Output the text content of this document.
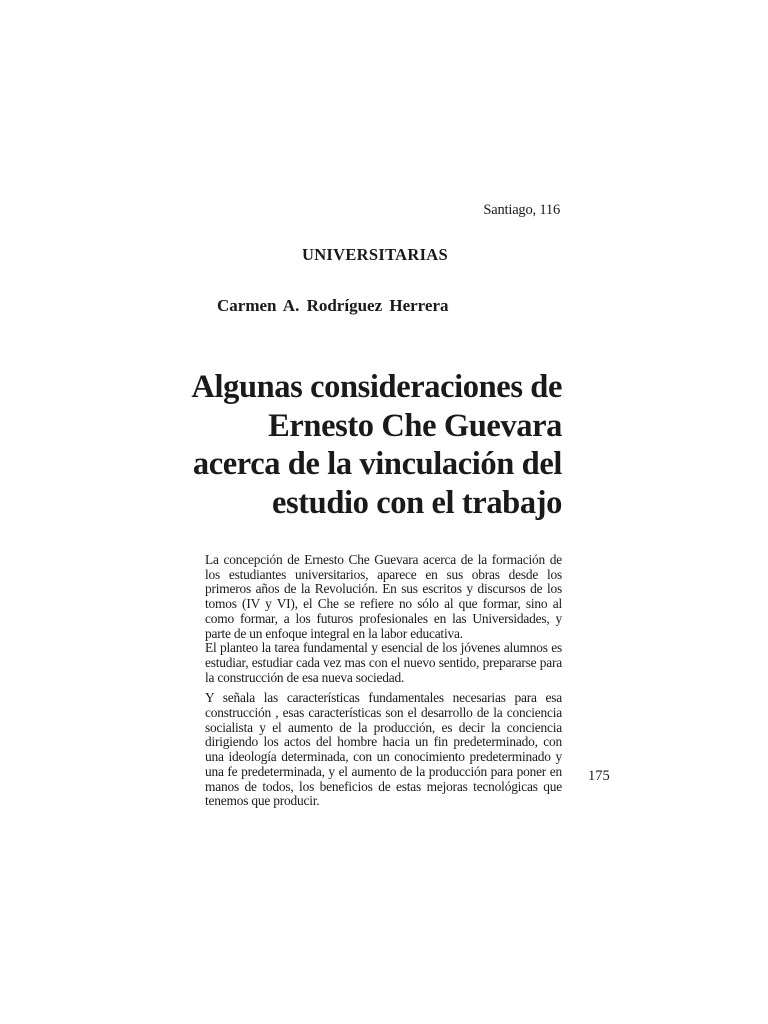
Santiago, 116
UNIVERSITARIAS
Carmen A. Rodríguez Herrera
Algunas consideraciones de
Ernesto Che Guevara
acerca de la vinculación del
estudio con el trabajo

La concepción de Ernesto Che Guevara acerca de la formación de los estudiantes universitarios, aparece en sus obras desde los primeros años de la Revolución. En sus escritos y discursos de los tomos (IV y VI), el Che se refiere no sólo al que formar, sino al como formar, a los futuros profesionales en las Universidades, y parte de un enfoque integral en la labor educativa.

El planteo la tarea fundamental y esencial de los jóvenes alumnos es estudiar, estudiar cada vez mas con el nuevo sentido, prepararse para la construcción de esa nueva sociedad.

Y señala las características fundamentales necesarias para esa construcción , esas características son el desarrollo de la conciencia socialista y el aumento de la producción, es decir la conciencia dirigiendo los actos del hombre hacia un fin predeterminado, con una ideología determinada, con un conocimiento predeterminado y una fe predeterminada, y el aumento de la producción para poner en manos de todos, los beneficios de estas mejoras tecnológicas que tenemos que producir.

175
